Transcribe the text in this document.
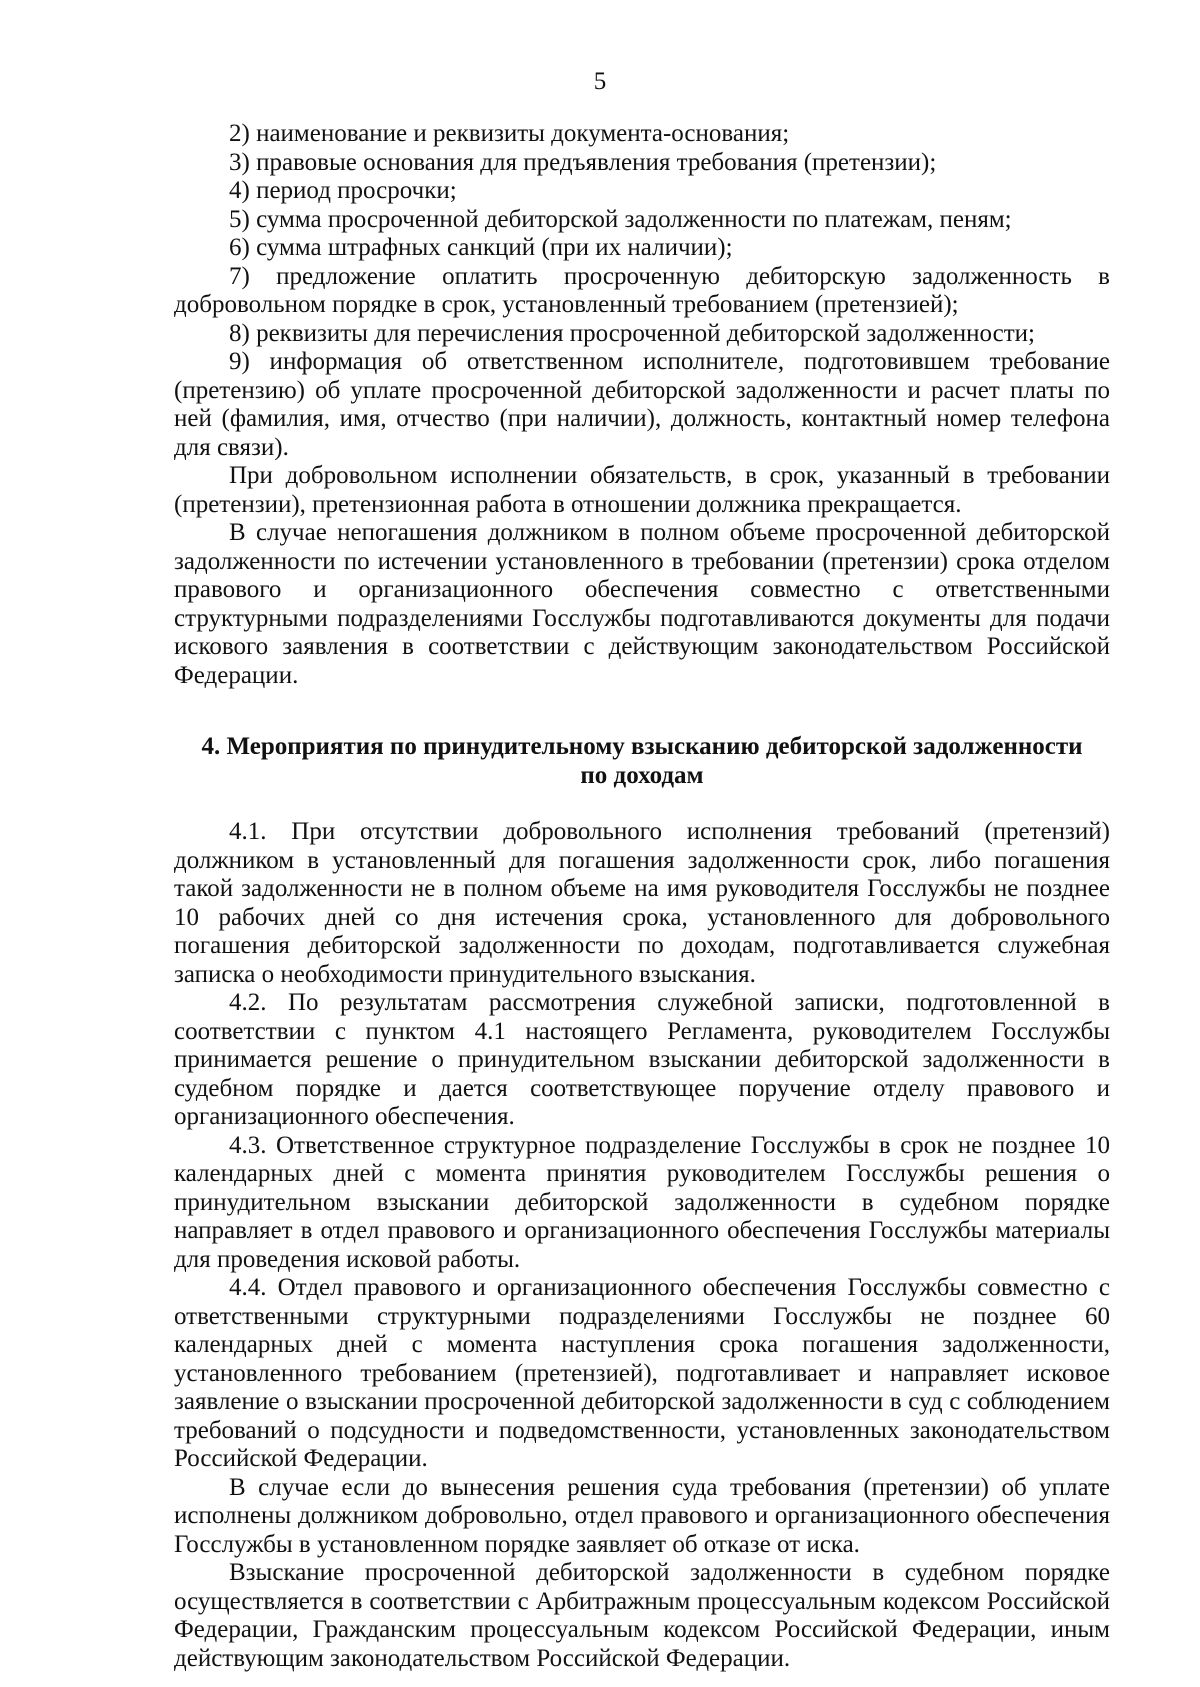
5

2) наименование и реквизиты документа-основания;

3) правовые основания для предъявления требования (претензии);

4) период просрочки;

5) сумма просроченной дебиторской задолженности по платежам, пеням;

6) сумма штрафных санкций (при их наличии);

7) предложение оплатить просроченную дебиторскую задолженность в добровольном порядке в срок, установленный требованием (претензией);

8) реквизиты для перечисления просроченной дебиторской задолженности;

9) информация об ответственном исполнителе, подготовившем требование (претензию) об уплате просроченной дебиторской задолженности и расчет платы по ней (фамилия, имя, отчество (при наличии), должность, контактный номер телефона для связи).

При добровольном исполнении обязательств, в срок, указанный в требовании (претензии), претензионная работа в отношении должника прекращается.

В случае непогашения должником в полном объеме просроченной дебиторской задолженности по истечении установленного в требовании (претензии) срока отделом правового и организационного обеспечения совместно с ответственными структурными подразделениями Госслужбы подготавливаются документы для подачи искового заявления в соответствии с действующим законодательством Российской Федерации.

4. Мероприятия по принудительному взысканию дебиторской задолженности
по доходам

4.1. При отсутствии добровольного исполнения требований (претензий) должником в установленный для погашения задолженности срок, либо погашения такой задолженности не в полном объеме на имя руководителя Госслужбы не позднее 10 рабочих дней со дня истечения срока, установленного для добровольного погашения дебиторской задолженности по доходам, подготавливается служебная записка о необходимости принудительного взыскания.

4.2. По результатам рассмотрения служебной записки, подготовленной в соответствии с пунктом 4.1 настоящего Регламента, руководителем Госслужбы принимается решение о принудительном взыскании дебиторской задолженности в судебном порядке и дается соответствующее поручение отделу правового и организационного обеспечения.

4.3. Ответственное структурное подразделение Госслужбы в срок не позднее 10 календарных дней с момента принятия руководителем Госслужбы решения о принудительном взыскании дебиторской задолженности в судебном порядке направляет в отдел правового и организационного обеспечения Госслужбы материалы для проведения исковой работы.

4.4. Отдел правового и организационного обеспечения Госслужбы совместно с ответственными структурными подразделениями Госслужбы не позднее 60 календарных дней с момента наступления срока погашения задолженности, установленного требованием (претензией), подготавливает и направляет исковое заявление о взыскании просроченной дебиторской задолженности в суд с соблюдением требований о подсудности и подведомственности, установленных законодательством Российской Федерации.

В случае если до вынесения решения суда требования (претензии) об уплате исполнены должником добровольно, отдел правового и организационного обеспечения Госслужбы в установленном порядке заявляет об отказе от иска.

Взыскание просроченной дебиторской задолженности в судебном порядке осуществляется в соответствии с Арбитражным процессуальным кодексом Российской Федерации, Гражданским процессуальным кодексом Российской Федерации, иным действующим законодательством Российской Федерации.
